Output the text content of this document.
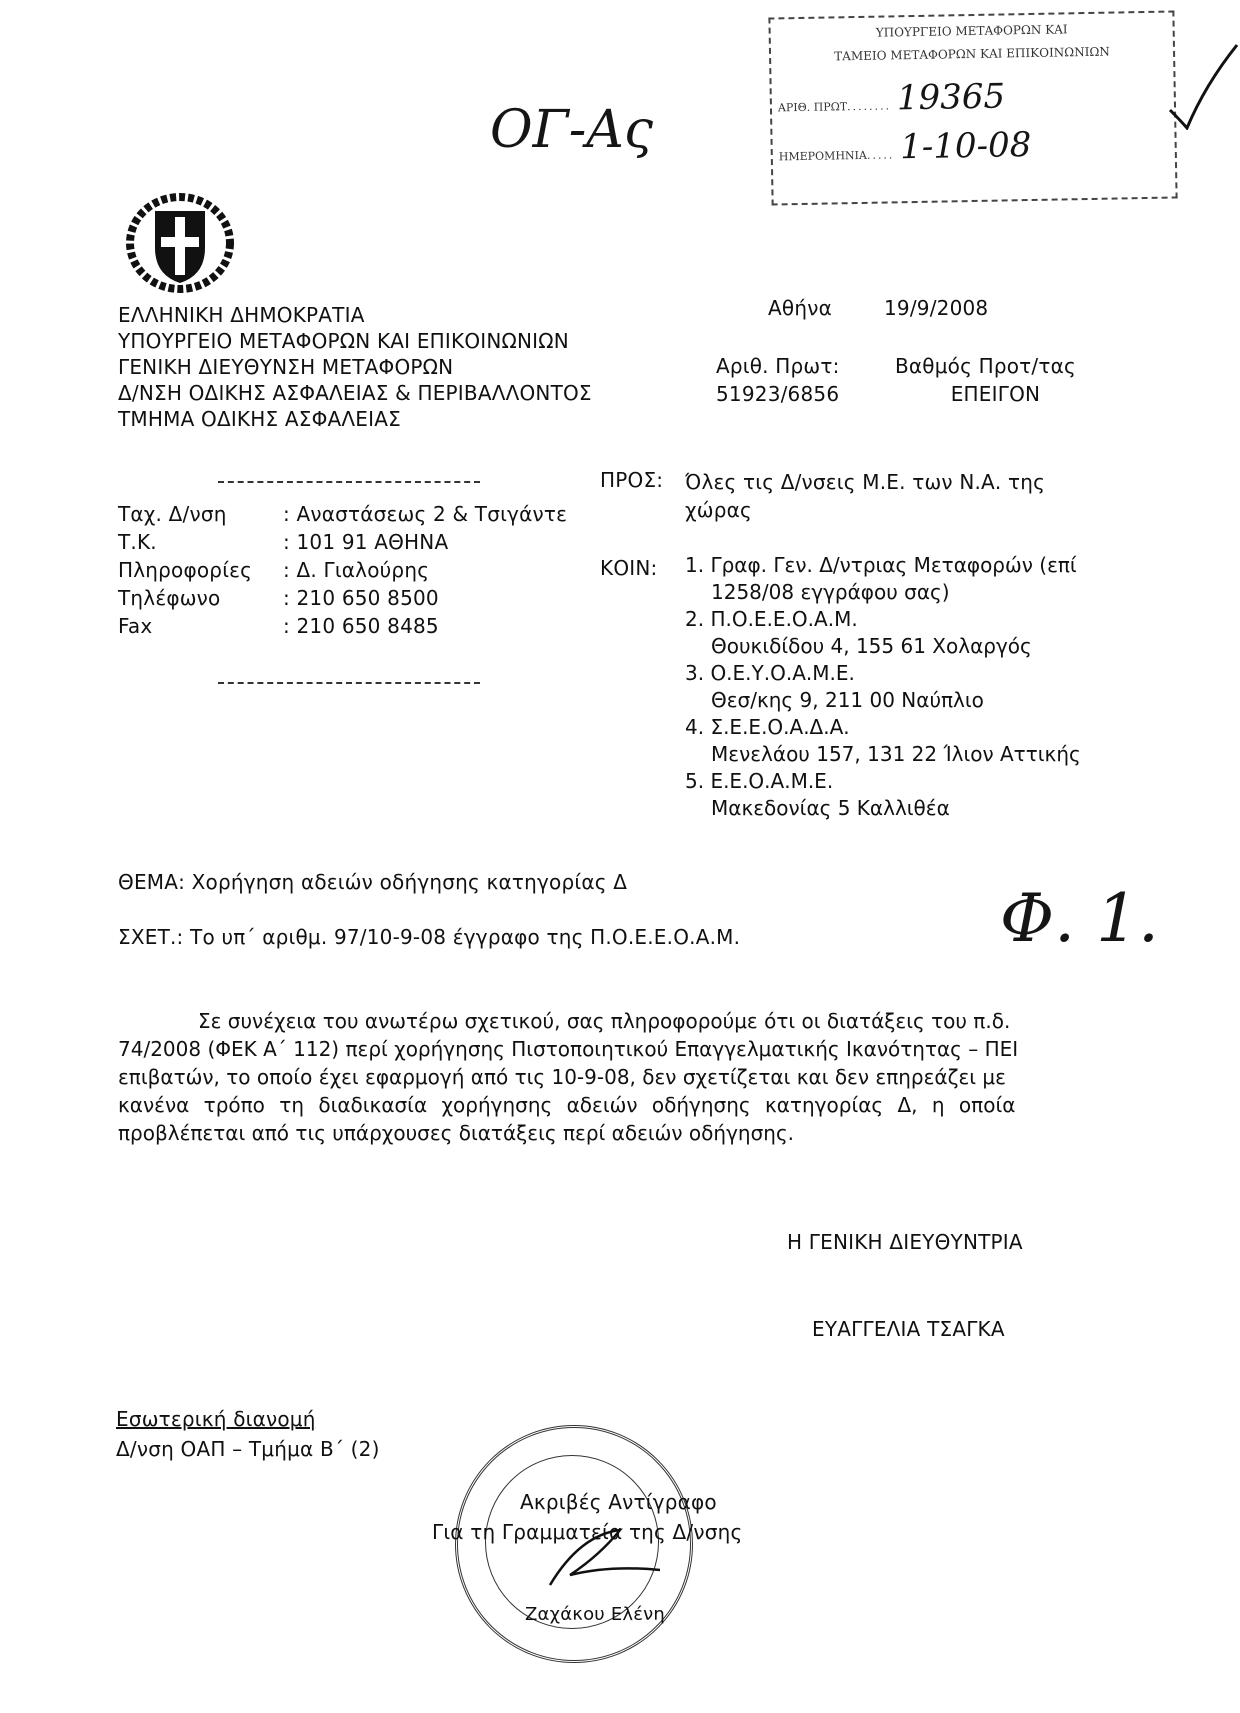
ΥΠΟΥΡΓΕΙΟ ΜΕΤΑΦΟΡΩΝ ΚΑΙ
ΤΑΜΕΙΟ ΜΕΤΑΦΟΡΩΝ ΚΑΙ ΕΠΙΚΟΙΝΩΝΙΩΝ
ΑΡΙΘ. ΠΡΩΤ ........ 19365
ΗΜΕΡΟΜΗΝΙΑ ..... 1-10-08
ΟΓ-Ας
ΕΛΛΗΝΙΚΗ ΔΗΜΟΚΡΑΤΙΑ
ΥΠΟΥΡΓΕΙΟ ΜΕΤΑΦΟΡΩΝ ΚΑΙ ΕΠΙΚΟΙΝΩΝΙΩΝ
ΓΕΝΙΚΗ ΔΙΕΥΘΥΝΣΗ ΜΕΤΑΦΟΡΩΝ
Δ/ΝΣΗ ΟΔΙΚΗΣ ΑΣΦΑΛΕΙΑΣ & ΠΕΡΙΒΑΛΛΟΝΤΟΣ
ΤΜΗΜΑ ΟΔΙΚΗΣ ΑΣΦΑΛΕΙΑΣ
Αθήνα	19/9/2008
Αριθ. Πρωτ:
51923/6856
Βαθμός Προτ/τας
ΕΠΕΙΓΟΝ
Ταχ. Δ/νση	: Αναστάσεως 2 & Τσιγάντε
Τ.Κ.	: 101 91 ΑΘΗΝΑ
Πληροφορίες : Δ. Γιαλούρης
Τηλέφωνο	: 210 650 8500
Fax	: 210 650 8485
ΠΡΟΣ: Όλες τις Δ/νσεις Μ.Ε. των Ν.Α. της
χώρας
ΚΟΙΝ: 1. Γραφ. Γεν. Δ/ντριας Μεταφορών (επί
1258/08 εγγράφου σας)
2. Π.Ο.Ε.Ε.Ο.Α.Μ.
Θουκιδίδου 4, 155 61 Χολαργός
3. Ο.Ε.Υ.Ο.Α.Μ.Ε.
Θεσ/κης 9, 211 00 Ναύπλιο
4. Σ.Ε.Ε.Ο.Α.Δ.Α.
Μενελάου 157, 131 22 Ίλιον Αττικής
5. Ε.Ε.Ο.Α.Μ.Ε.
Μακεδονίας 5 Καλλιθέα
ΘΕΜΑ: Χορήγηση αδειών οδήγησης κατηγορίας Δ
ΣΧΕΤ.: Το υπ΄ αριθμ. 97/10-9-08 έγγραφο της Π.Ο.Ε.Ε.Ο.Α.Μ.	Φ. 1.
Σε συνέχεια του ανωτέρω σχετικού, σας πληροφορούμε ότι οι διατάξεις του π.δ.
74/2008 (ΦΕΚ Α΄ 112) περί χορήγησης Πιστοποιητικού Επαγγελματικής Ικανότητας – ΠΕΙ
επιβατών, το οποίο έχει εφαρμογή από τις 10-9-08, δεν σχετίζεται και δεν επηρεάζει με
κανένα τρόπο τη διαδικασία χορήγησης αδειών οδήγησης κατηγορίας Δ, η οποία
προβλέπεται από τις υπάρχουσες διατάξεις περί αδειών οδήγησης.
Η ΓΕΝΙΚΗ ΔΙΕΥΘΥΝΤΡΙΑ
ΕΥΑΓΓΕΛΙΑ ΤΣΑΓΚΑ
Εσωτερική διανομή
Δ/νση ΟΑΠ – Τμήμα Β΄ (2)
Ακριβές Αντίγραφο
Για τη Γραμματεία της Δ/νσης
Ζαχάκου Ελένη
